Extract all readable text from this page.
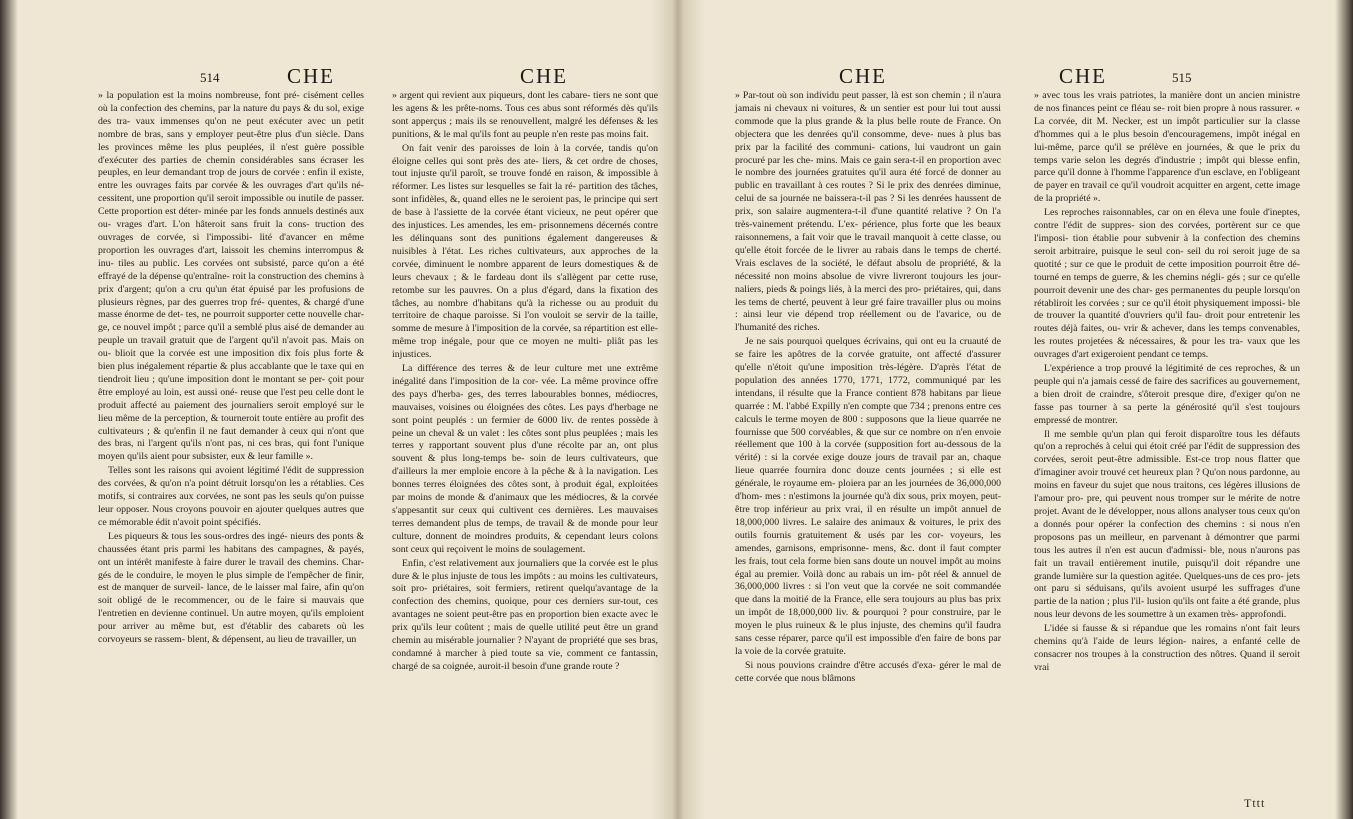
514	CHE	CHE

» la population est la moins nombreuse, font pré- cisément celles où la confection des chemins, par la nature du pays & du sol, exige des tra- vaux immenses qu'on ne peut exécuter avec un petit nombre de bras, sans y employer peut-être plus d'un siècle. Dans les provinces même les plus peuplées, il n'est guère possible d'exécuter des parties de chemin considérables sans écraser les peuples, en leur demandant trop de jours de corvée : enfin il existe, entre les ouvrages faits par corvée & les ouvrages d'art qu'ils né- cessitent, une proportion qu'il seroit impossible ou inutile de passer. Cette proportion est déter- minée par les fonds annuels destinés aux ou- vrages d'art. L'on hâteroit sans fruit la cons- truction des ouvrages de corvée, si l'impossibi- lité d'avancer en même proportion les ouvrages d'art, laissoit les chemins interrompus & inu- tiles au public. Les corvées ont subsisté, parce qu'on a été effrayé de la dépense qu'entraîne- roit la construction des chemins à prix d'argent; qu'on a cru qu'un état épuisé par les profusions de plusieurs règnes, par des guerres trop fré- quentes, & chargé d'une masse énorme de det- tes, ne pourroit supporter cette nouvelle char- ge, ce nouvel impôt ; parce qu'il a semblé plus aisé de demander au peuple un travail gratuit que de l'argent qu'il n'avoit pas. Mais on ou- blioit que la corvée est une imposition dix fois plus forte & bien plus inégalement répartie & plus accablante que le taxe qui en tiendroit lieu ; qu'une imposition dont le montant se per- çoit pour être employé au loin, est aussi oné- reuse que l'est peu celle dont le produit affecté au paiement des journaliers seroit employé sur le lieu même de la perception, & tourneroit toute entière au profit des cultivateurs ; & qu'enfin il ne faut demander à ceux qui n'ont que des bras, ni l'argent qu'ils n'ont pas, ni ces bras, qui font l'unique moyen qu'ils aient pour subsister, eux & leur famille ».

Telles sont les raisons qui avoient légitimé l'édit de suppression des corvées, & qu'on n'a point détruit lorsqu'on les a rétablies. Ces motifs, si contraires aux corvées, ne sont pas les seuls qu'on puisse leur opposer. Nous croyons pouvoir en ajouter quelques autres que ce mémorable édit n'avoit point spécifiés.

Les piqueurs & tous les sous-ordres des ingé- nieurs des ponts & chaussées étant pris parmi les habitans des campagnes, & payés, ont un intérêt manifeste à faire durer le travail des chemins. Char- gés de le conduire, le moyen le plus simple de l'empêcher de finir, est de manquer de surveil- lance, de le laisser mal faire, afin qu'on soit obligé de le recommencer, ou de le faire si mauvais que l'entretien en devienne continuel. Un autre moyen, qu'ils emploient pour arriver au même but, est d'établir des cabarets où les corvoyeurs se rassem- blent, & dépensent, au lieu de travailler, un

» argent qui revient aux piqueurs, dont les cabare- tiers ne sont que les agens & les prête-noms. Tous ces abus sont réformés dès qu'ils sont apperçus ; mais ils se renouvellent, malgré les défenses & les punitions, & le mal qu'ils font au peuple n'en reste pas moins fait.

On fait venir des paroisses de loin à la corvée, tandis qu'on éloigne celles qui sont près des ate- liers, & cet ordre de choses, tout injuste qu'il paroît, se trouve fondé en raison, & impossible à réformer. Les listes sur lesquelles se fait la ré- partition des tâches, sont infidèles, &, quand elles ne le seroient pas, le principe qui sert de base à l'assiette de la corvée étant vicieux, ne peut opérer que des injustices. Les amendes, les em- prisonnemens décernés contre les délinquans sont des punitions également dangereuses & nuisibles à l'état. Les riches cultivateurs, aux approches de la corvée, diminuent le nombre apparent de leurs domestiques & de leurs chevaux ; & le fardeau dont ils s'allègent par cette ruse, retombe sur les pauvres. On a plus d'égard, dans la fixation des tâches, au nombre d'habitans qu'à la richesse ou au produit du territoire de chaque paroisse. Si l'on vouloit se servir de la taille, somme de mesure à l'imposition de la corvée, sa répartition est elle- même trop inégale, pour que ce moyen ne multi- pliât pas les injustices.

La différence des terres & de leur culture met une extrême inégalité dans l'imposition de la cor- vée. La même province offre des pays d'herba- ges, des terres labourables bonnes, médiocres, mauvaises, voisines ou éloignées des côtes. Les pays d'herbage ne sont point peuplés : un fermier de 6000 liv. de rentes possède à peine un cheval & un valet : les côtes sont plus peuplées ; mais les terres y rapportant souvent plus d'une récolte par an, ont plus souvent & plus long-temps be- soin de leurs cultivateurs, que d'ailleurs la mer emploie encore à la pêche & à la navigation. Les bonnes terres éloignées des côtes sont, à produit égal, exploitées par moins de monde & d'animaux que les médiocres, & la corvée s'appesantit sur ceux qui cultivent ces dernières. Les mauvaises terres demandent plus de temps, de travail & de monde pour leur culture, donnent de moindres produits, & cependant leurs colons sont ceux qui reçoivent le moins de soulagement.

Enfin, c'est relativement aux journaliers que la corvée est le plus dure & le plus injuste de tous les impôts : au moins les cultivateurs, soit pro- priétaires, soit fermiers, retirent quelqu'avantage de la confection des chemins, quoique, pour ces derniers sur-tout, ces avantages ne soient peut-être pas en proportion bien exacte avec le prix qu'ils leur coûtent ; mais de quelle utilité peut être un grand chemin au misérable journalier ? N'ayant de propriété que ses bras, condamné à marcher à pied toute sa vie, comment ce fantassin, chargé de sa coignée, auroit-il besoin d'une grande route ?

CHE	CHE	515

» Par-tout où son individu peut passer, là est son chemin ; il n'aura jamais ni chevaux ni voitures, & un sentier est pour lui tout aussi commode que la plus grande & la plus belle route de France. On objectera que les denrées qu'il consomme, deve- nues à plus bas prix par la facilité des communi- cations, lui vaudront un gain procuré par les che- mins. Mais ce gain sera-t-il en proportion avec le nombre des journées gratuites qu'il aura été forcé de donner au public en travaillant à ces routes ? Si le prix des denrées diminue, celui de sa journée ne baissera-t-il pas ? Si les denrées haussent de prix, son salaire augmentera-t-il d'une quantité relative ? On l'a très-vainement prétendu. L'ex- périence, plus forte que les beaux raisonnemens, a fait voir que le travail manquoit à cette classe, ou qu'elle étoit forcée de le livrer au rabais dans le temps de cherté. Vrais esclaves de la société, le défaut absolu de propriété, & la nécessité non moins absolue de vivre livreront toujours les jour- naliers, pieds & poings liés, à la merci des pro- priétaires, qui, dans les tems de cherté, peuvent à leur gré faire travailler plus ou moins : ainsi leur vie dépend trop réellement ou de l'avarice, ou de l'humanité des riches.

Je ne sais pourquoi quelques écrivains, qui ont eu la cruauté de se faire les apôtres de la corvée gratuite, ont affecté d'assurer qu'elle n'étoit qu'une imposition très-légère. D'après l'état de population des années 1770, 1771, 1772, communiqué par les intendans, il résulte que la France contient 878 habitans par lieue quarrée : M. l'abbé Expilly n'en compte que 734 ; prenons entre ces calculs le terme moyen de 800 : supposons que la lieue quarrée ne fournisse que 500 corvéables, & que sur ce nombre on n'en envoie réellement que 100 à la corvée (supposition fort au-dessous de la vérité) : si la corvée exige douze jours de travail par an, chaque lieue quarrée fournira donc douze cents journées ; si elle est générale, le royaume em- ploiera par an les journées de 36,000,000 d'hom- mes : n'estimons la journée qu'à dix sous, prix moyen, peut-être trop inférieur au prix vrai, il en résulte un impôt annuel de 18,000,000 livres. Le salaire des animaux & voitures, le prix des outils fournis gratuitement & usés par les cor- voyeurs, les amendes, garnisons, emprisonne- mens, &c. dont il faut compter les frais, tout cela forme bien sans doute un nouvel impôt au moins égal au premier. Voilà donc au rabais un im- pôt réel & annuel de 36,000,000 livres : si l'on veut que la corvée ne soit commandée que dans la moitié de la France, elle sera toujours au plus bas prix un impôt de 18,000,000 liv. & pourquoi ? pour construire, par le moyen le plus ruineux & le plus injuste, des chemins qu'il faudra sans cesse réparer, parce qu'il est impossible d'en faire de bons par la voie de la corvée gratuite.

Si nous pouvions craindre d'être accusés d'exa- gérer le mal de cette corvée que nous blâmons

» avec tous les vrais patriotes, la manière dont un ancien ministre de nos finances peint ce fléau se- roit bien propre à nous rassurer. « La corvée, dit M. Necker, est un impôt particulier sur la classe d'hommes qui a le plus besoin d'encouragemens, impôt inégal en lui-même, parce qu'il se prélève en journées, & que le prix du temps varie selon les degrés d'industrie ; impôt qui blesse enfin, parce qu'il donne à l'homme l'apparence d'un esclave, en l'obligeant de payer en travail ce qu'il voudroit acquitter en argent, cette image de la propriété ».

Les reproches raisonnables, car on en éleva une foule d'ineptes, contre l'édit de suppres- sion des corvées, portèrent sur ce que l'imposi- tion établie pour subvenir à la confection des chemins seroit arbitraire, puisque le seul con- seil du roi seroit juge de sa quotité ; sur ce que le produit de cette imposition pourroit être dé- tourné en temps de guerre, & les chemins négli- gés ; sur ce qu'elle pourroit devenir une des char- ges permanentes du peuple lorsqu'on rétabliroit les corvées ; sur ce qu'il étoit physiquement impossi- ble de trouver la quantité d'ouvriers qu'il fau- droit pour entretenir les routes déjà faites, ou- vrir & achever, dans les temps convenables, les routes projetées & nécessaires, & pour les tra- vaux que les ouvrages d'art exigeroient pendant ce temps.

L'expérience a trop prouvé la légitimité de ces reproches, & un peuple qui n'a jamais cessé de faire des sacrifices au gouvernement, a bien droit de craindre, s'ôteroit presque dire, d'exiger qu'on ne fasse pas tourner à sa perte la générosité qu'il s'est toujours empressé de montrer.

Il me semble qu'un plan qui feroit disparoître tous les défauts qu'on a reprochés à celui qui étoit créé par l'édit de suppression des corvées, seroit peut-être admissible. Est-ce trop nous flatter que d'imaginer avoir trouvé cet heureux plan ? Qu'on nous pardonne, au moins en faveur du sujet que nous traitons, ces légères illusions de l'amour pro- pre, qui peuvent nous tromper sur le mérite de notre projet. Avant de le développer, nous allons analyser tous ceux qu'on a donnés pour opérer la confection des chemins : si nous n'en proposons pas un meilleur, en parvenant à démontrer que parmi tous les autres il n'en est aucun d'admissi- ble, nous n'aurons pas fait un travail entièrement inutile, puisqu'il doit répandre une grande lumière sur la question agitée. Quelques-uns de ces pro- jets ont paru si séduisans, qu'ils avoient usurpé les suffrages d'une partie de la nation ; plus l'il- lusion qu'ils ont faite a été grande, plus nous leur devons de les soumettre à un examen très- approfondi.

L'idée si fausse & si répandue que les romains n'ont fait leurs chemins qu'à l'aide de leurs légion- naires, a enfanté celle de consacrer nos troupes à la construction des nôtres. Quand il seroit vrai

Tttt
